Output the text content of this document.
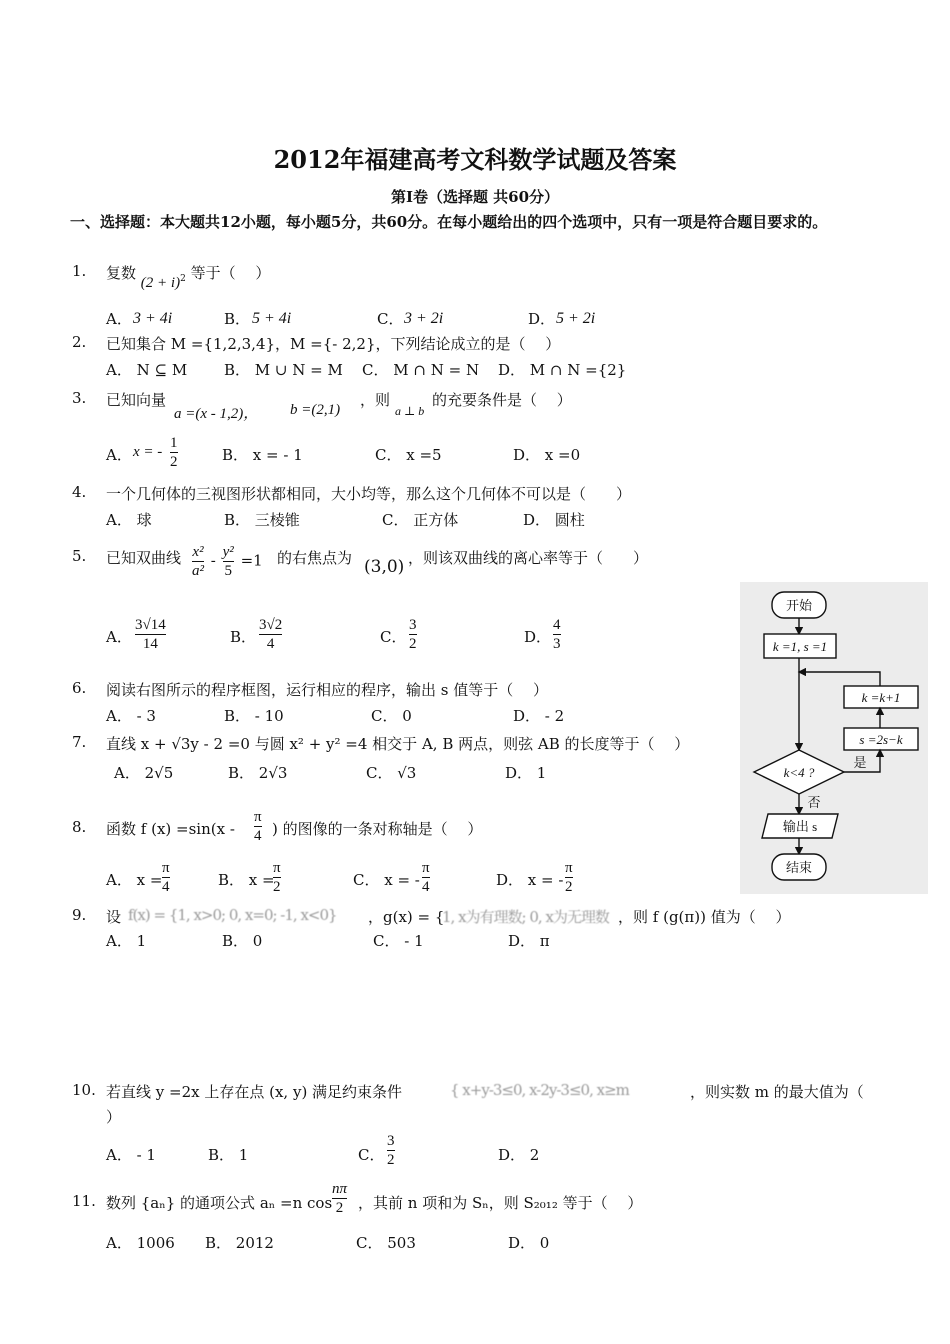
2012年福建高考文科数学试题及答案
第Ⅰ卷（选择题 共60分）
一、选择题：本大题共12小题，每小题5分，共60分。在每小题给出的四个选项中，只有一项是符合题目要求的。
1. 复数 $(2 + i)^2$ 等于（　 ）
A． 3 + 4i	B． 5 + 4i	C． 3 + 2i	D． 5 + 2i
2. 已知集合 M ={1,2,3,4}，M ={- 2,2}，下列结论成立的是（　 ）
A． N ⊆ M B． M ∪ N = M C． M ∩ N = N D． M ∩ N ={2}
3. 已知向量
a =(x - 1,2)， b =(2,1)
，则
a ⊥ b
的充要条件是（　 ）
A． x = - $\frac{1}{2}$	B． x = - 1	C． x =5	D． x =0
4. 一个几何体的三视图形状都相同，大小均等，那么这个几何体不可以是（　　）
A． 球	B． 三棱锥	C． 正方体	D． 圆柱
5. 已知双曲线 $\frac{\text{x²}}{\text{a²}} - \frac{\text{y²}}{5} =1$ 的右焦点为 (3,0) ，则该双曲线的离心率等于（　　）
A． $\frac{3√14}{14}$	B． $\frac{3√2}{4}$	C． $\frac{3}{2}$	D． $\frac{4}{3}$
6. 阅读右图所示的程序框图，运行相应的程序，输出 s 值等于（　 ）
A． - 3	B． - 10	C． 0	D． - 2
7. 直线 x + √3y - 2 =0 与圆 x² + y² =4 相交于 A, B 两点，则弦 AB 的长度等于（　 ）
A． 2√5	B． 2√3	C． √3	D． 1
8. 函数 f $(x) =\sin(x - \frac{\pi}{4}$ ) 的图像的一条对称轴是（　 ）
A． $x = \frac{\pi}{4}$	B． x =
$\frac{\pi}{2}$	C． x = - $\frac{\pi}{4}$	D． x = - $\frac{\pi}{2}$
9. 设 f(x) = {1, x>0; 0, x=0; -1, x<0}	，g(x) = {
1, x为有理数; 0, x为无理数 ，则 f (g(π)) 值为（　 ）
A． 1	B． 0	C． - 1	D． π
10. 若直线 y =2x 上存在点 (x, y) 满足约束条件	{ x+y-3≤0, x-2y-3≤0, x≥m	，则实数 m 的最大值为（
）
A． - 1	B． 1	C． $\frac{3}{2}$	D． 2
11. 数列 {aₙ} 的通项公式 aₙ =n $\cos \frac{n\pi}{2}$ ，其前 n 项和为 Sₙ，则 S₂₀₁₂ 等于（　 ）
A． 1006 B． 2012	C． 503	D． 0
开始
k =1, s =1
k =k+1
s =2s−k
k<4 ?
是
否
输出 s
结束
